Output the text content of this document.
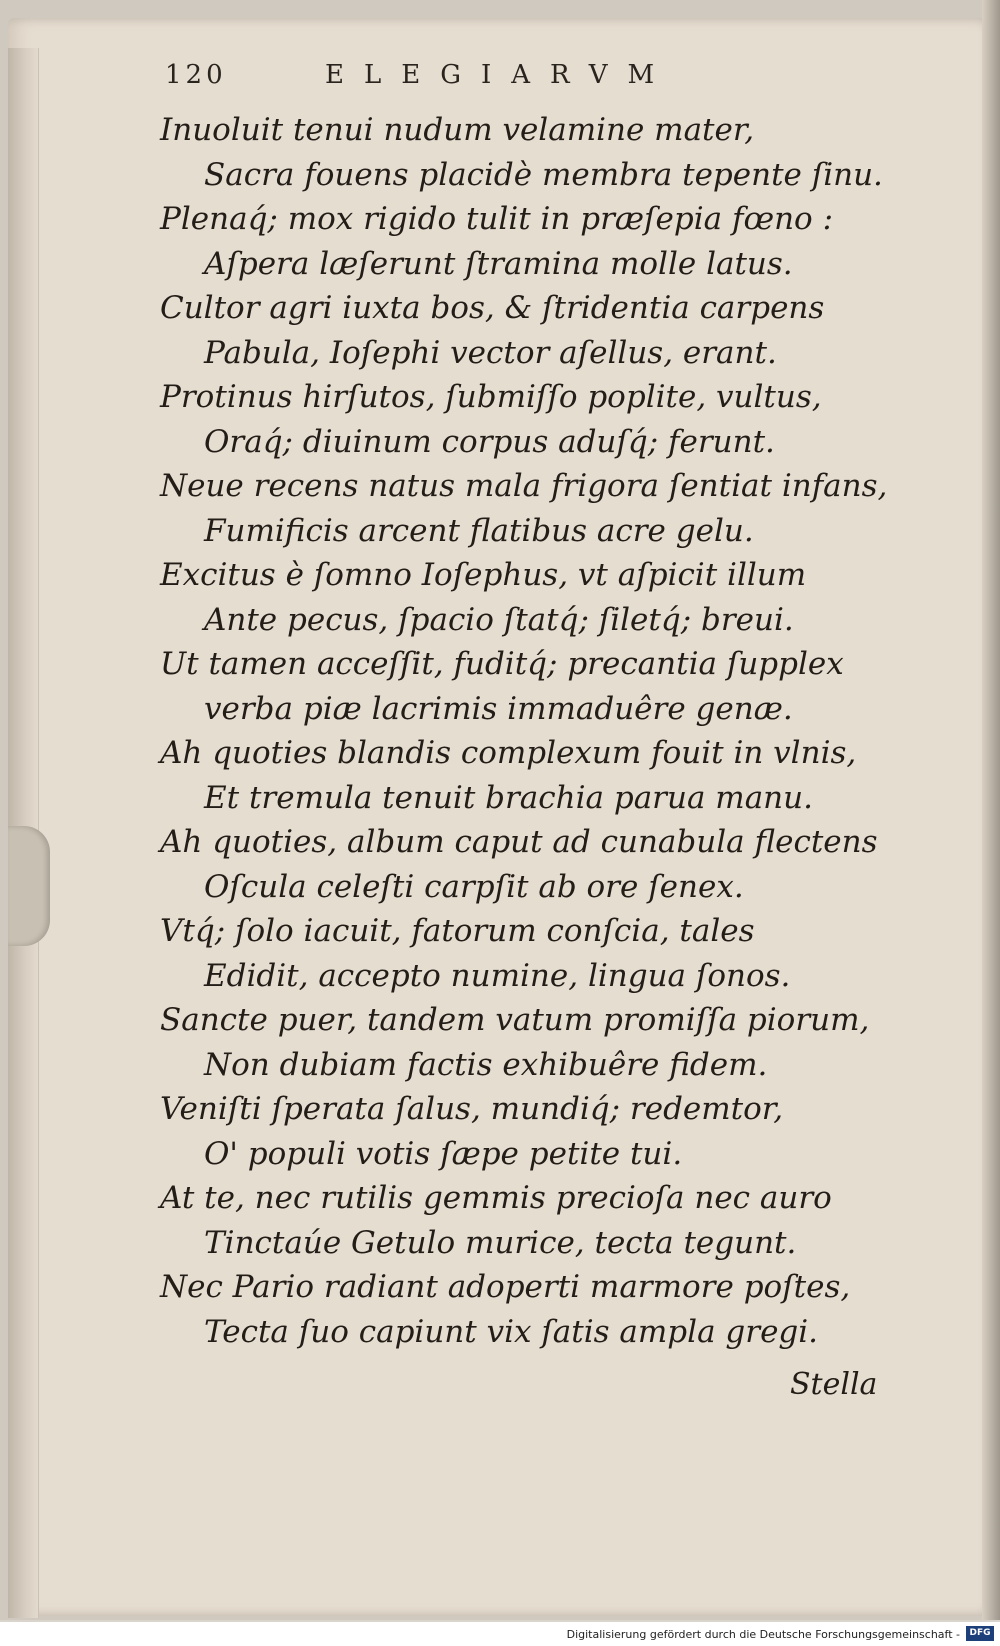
120	ELEGIARVM
Inuoluit tenui nudum velamine mater,
Sacra fouens placidè membra tepente ſinu.
Plenaq́; mox rigido tulit in præſepia fœno :
Aſpera læſerunt ſtramina molle latus.
Cultor agri iuxta bos, & ſtridentia carpens
Pabula, Ioſephi vector aſellus, erant.
Protinus hirſutos, ſubmiſſo poplite, vultus,
Oraq́; diuinum corpus aduſq́; ferunt.
Neue recens natus mala frigora ſentiat infans,
Fumificis arcent flatibus acre gelu.
Excitus è ſomno Ioſephus, vt aſpicit illum
Ante pecus, ſpacio ſtatq́; ſiletq́; breui.
Ut tamen acceſſit, fuditq́; precantia ſupplex
verba piæ lacrimis immaduêre genæ.
Ah quoties blandis complexum fouit in vlnis,
Et tremula tenuit brachia parua manu.
Ah quoties, album caput ad cunabula flectens
Oſcula celeſti carpſit ab ore ſenex.
Vtq́; ſolo iacuit, fatorum conſcia, tales
Edidit, accepto numine, lingua ſonos.
Sancte puer, tandem vatum promiſſa piorum,
Non dubiam factis exhibuêre fidem.
Veniſti ſperata ſalus, mundiq́; redemtor,
O' populi votis ſæpe petite tui.
At te, nec rutilis gemmis precioſa nec auro
Tinctaúe Getulo murice, tecta tegunt.
Nec Pario radiant adoperti marmore poſtes,
Tecta ſuo capiunt vix ſatis ampla gregi.
Stella
Digitalisierung gefördert durch die Deutsche Forschungsgemeinschaft -	DFG
